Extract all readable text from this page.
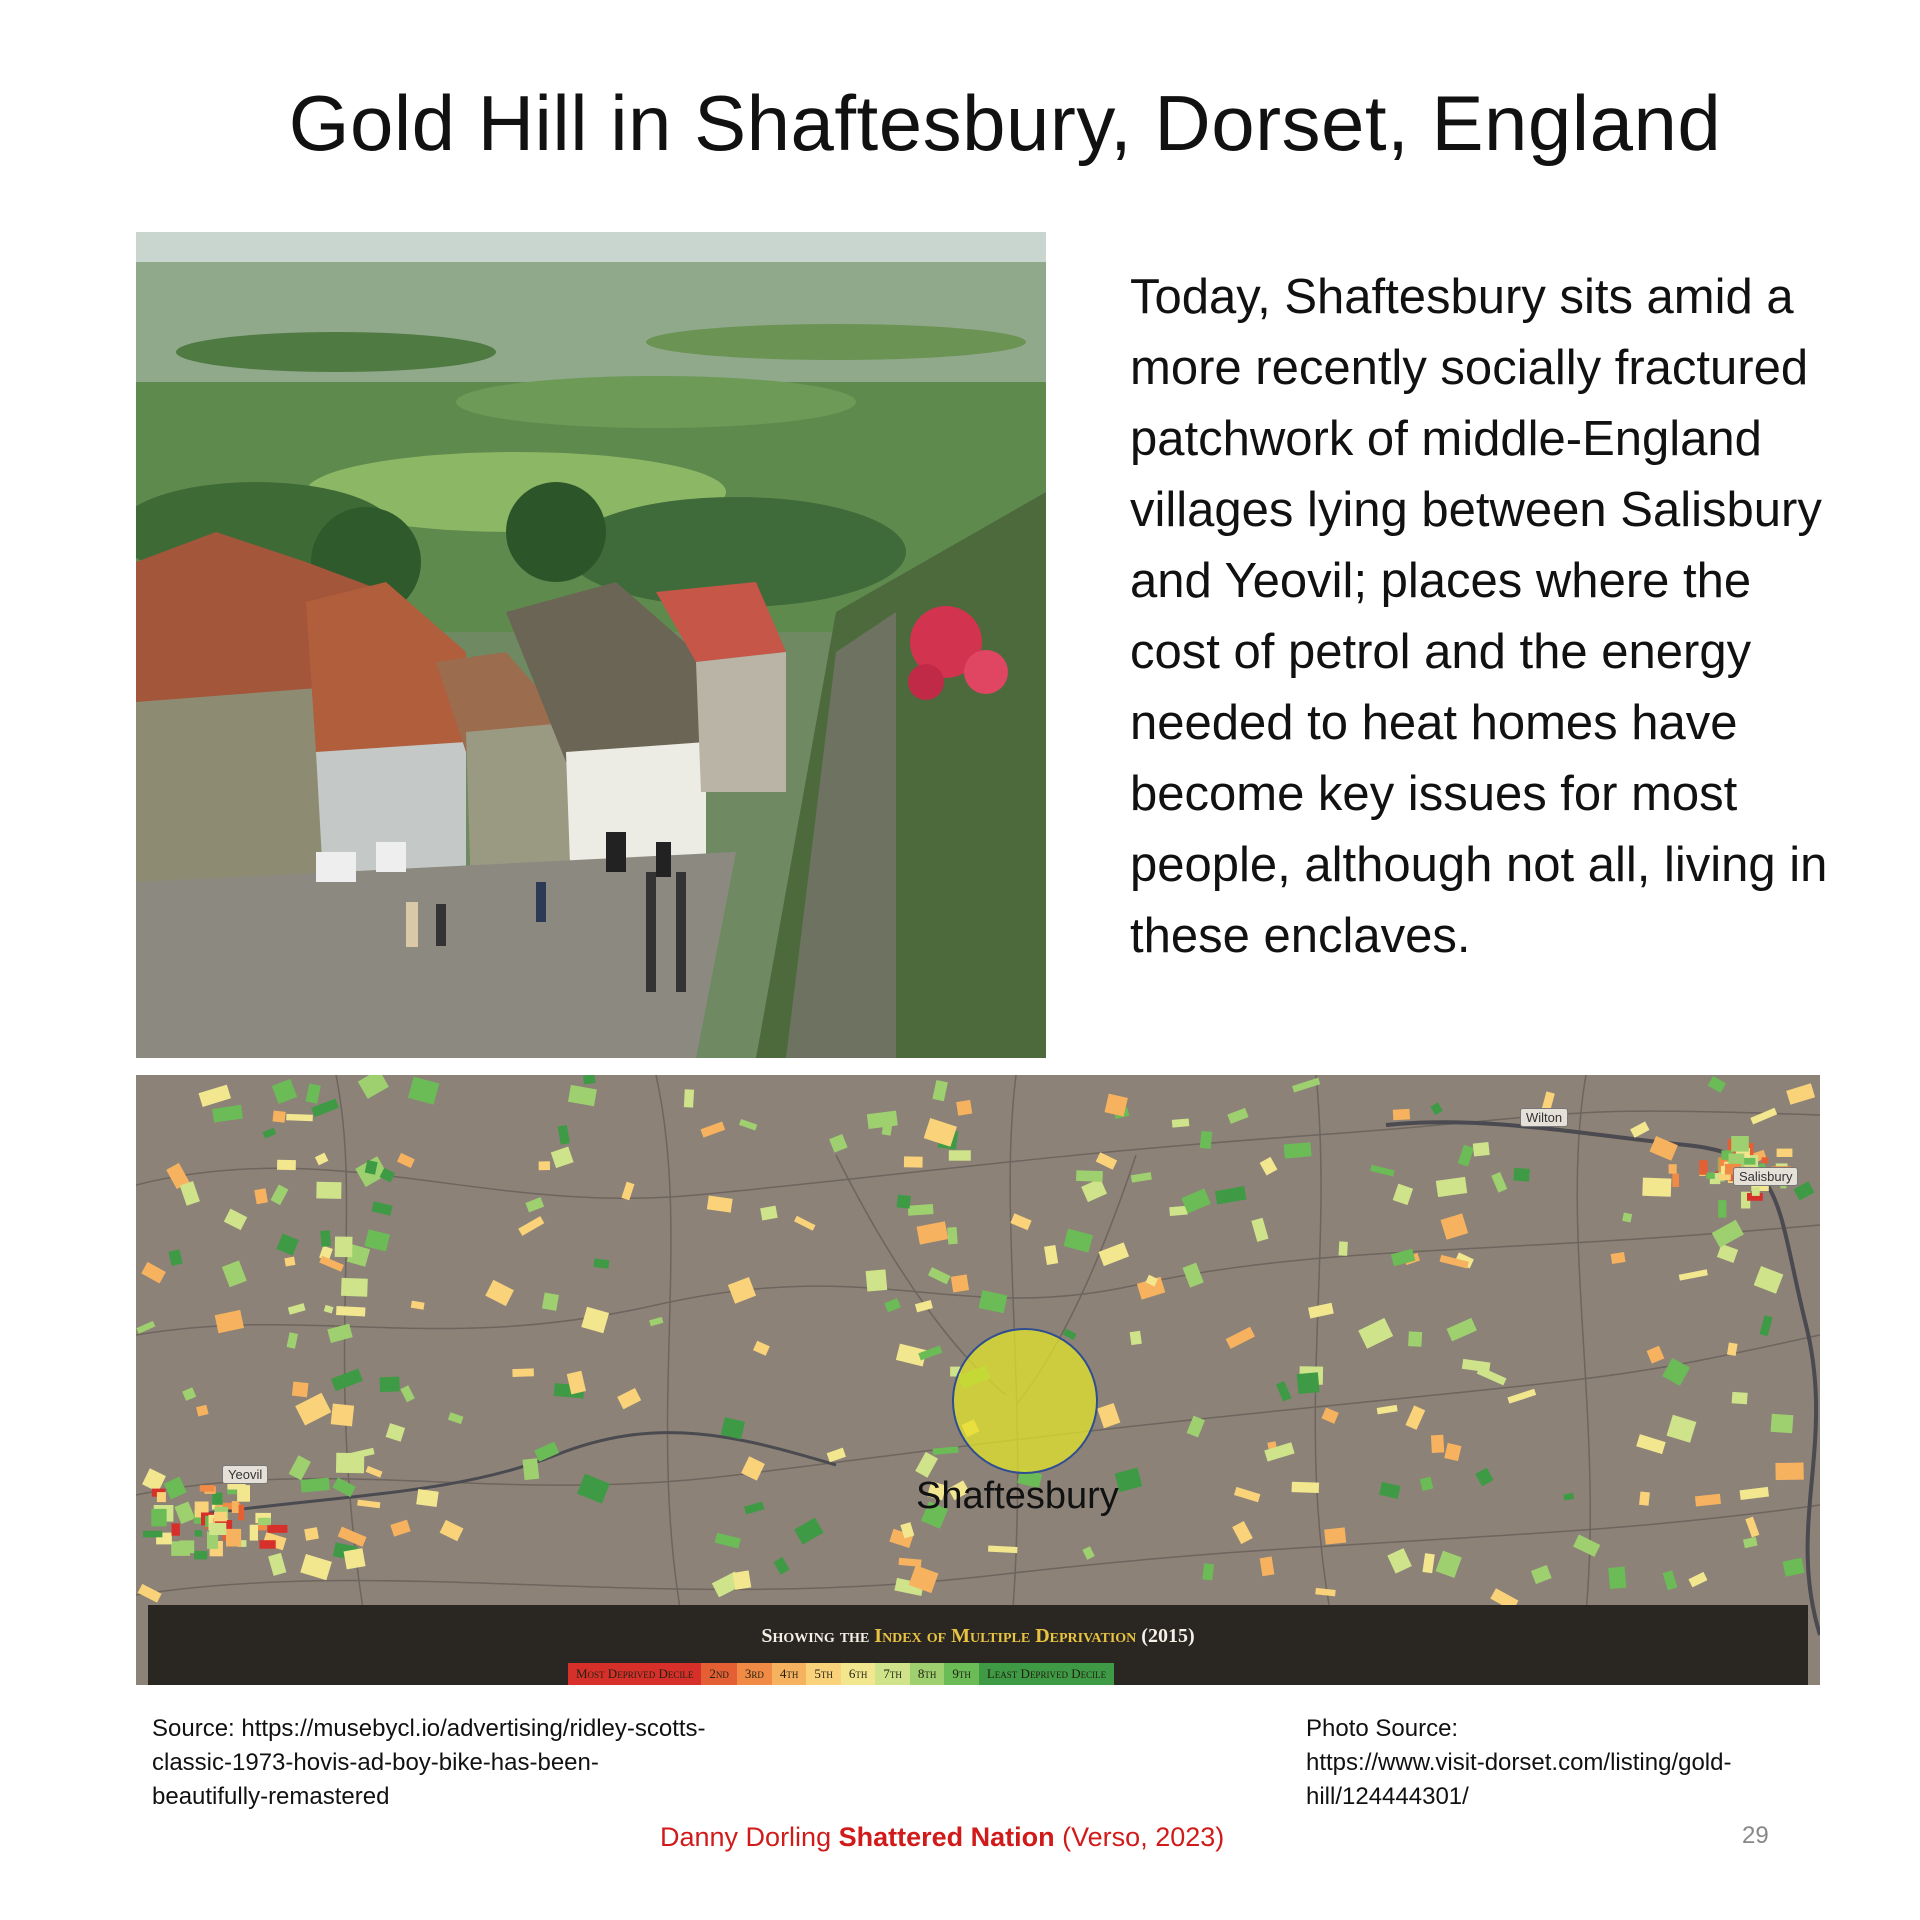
Gold Hill in Shaftesbury, Dorset, England
Today, Shaftesbury sits amid a more recently socially fractured patchwork of middle-England villages lying between Salisbury and Yeovil; places where the cost of petrol and the energy needed to heat homes have become key issues for most people, although not all, living in these enclaves.
Wilton
Salisbury
Yeovil
Shaftesbury
Showing the Index of Multiple Deprivation (2015)
Most Deprived Decile	2nd	3rd	4th	5th	6th	7th	8th	9th	Least Deprived Decile
Source: https://musebycl.io/advertising/ridley-scotts-classic-1973-hovis-ad-boy-bike-has-been-beautifully-remastered
Photo Source:
https://www.visit-dorset.com/listing/gold-hill/124444301/
Danny Dorling Shattered Nation (Verso, 2023)	29
